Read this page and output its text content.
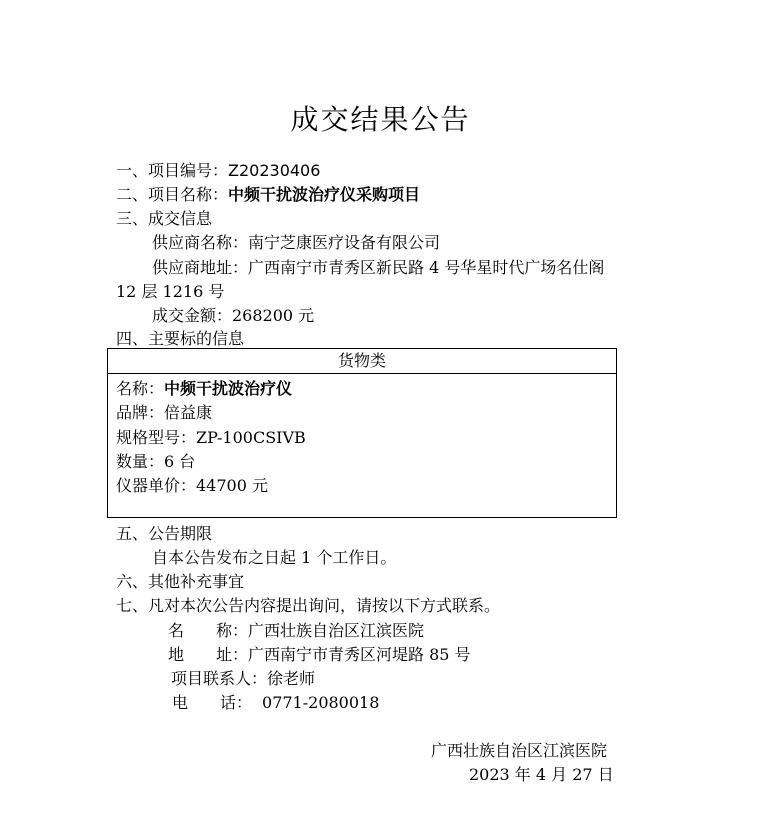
成交结果公告
一、项目编号：Z20230406
二、项目名称：中频干扰波治疗仪采购项目
三、成交信息
供应商名称：南宁芝康医疗设备有限公司
供应商地址：广西南宁市青秀区新民路 4 号华星时代广场名仕阁
12 层 1216 号
成交金额：268200 元
四、主要标的信息
货物类
名称：中频干扰波治疗仪
品牌：倍益康
规格型号：ZP-100CSIVB
数量：6 台
仪器单价：44700 元
五、公告期限
自本公告发布之日起 1 个工作日。
六、其他补充事宜
七、凡对本次公告内容提出询问，请按以下方式联系。
名　　称：广西壮族自治区江滨医院
地　　址：广西南宁市青秀区河堤路 85 号
项目联系人：徐老师
电　　话： 0771-2080018
广西壮族自治区江滨医院
2023 年 4 月 27 日
